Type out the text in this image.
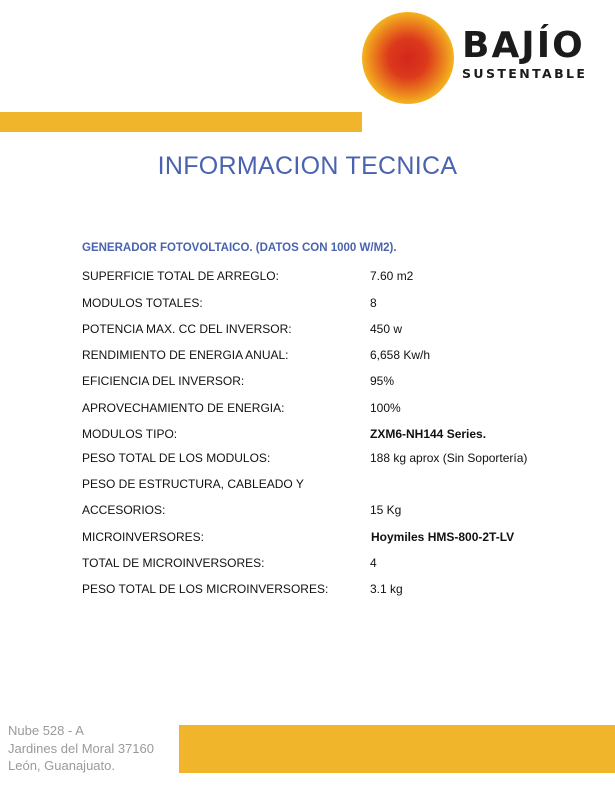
BAJÍO
SUSTENTABLE
INFORMACION TECNICA
GENERADOR FOTOVOLTAICO. (DATOS CON 1000 W/M2).
SUPERFICIE TOTAL DE ARREGLO:	7.60 m2
MODULOS TOTALES:	8
POTENCIA MAX. CC DEL INVERSOR:	450 w
RENDIMIENTO DE ENERGIA ANUAL:	6,658 Kw/h
EFICIENCIA DEL INVERSOR:	95%
APROVECHAMIENTO DE ENERGIA:	100%
MODULOS TIPO:	ZXM6-NH144 Series.
PESO TOTAL DE LOS MODULOS:	188 kg aprox (Sin Soportería)
PESO DE ESTRUCTURA, CABLEADO Y
ACCESORIOS:	15 Kg
MICROINVERSORES:	Hoymiles HMS-800-2T-LV
TOTAL DE MICROINVERSORES:	4
PESO TOTAL DE LOS MICROINVERSORES:	3.1 kg
Nube 528 - A
Jardines del Moral 37160
León, Guanajuato.
